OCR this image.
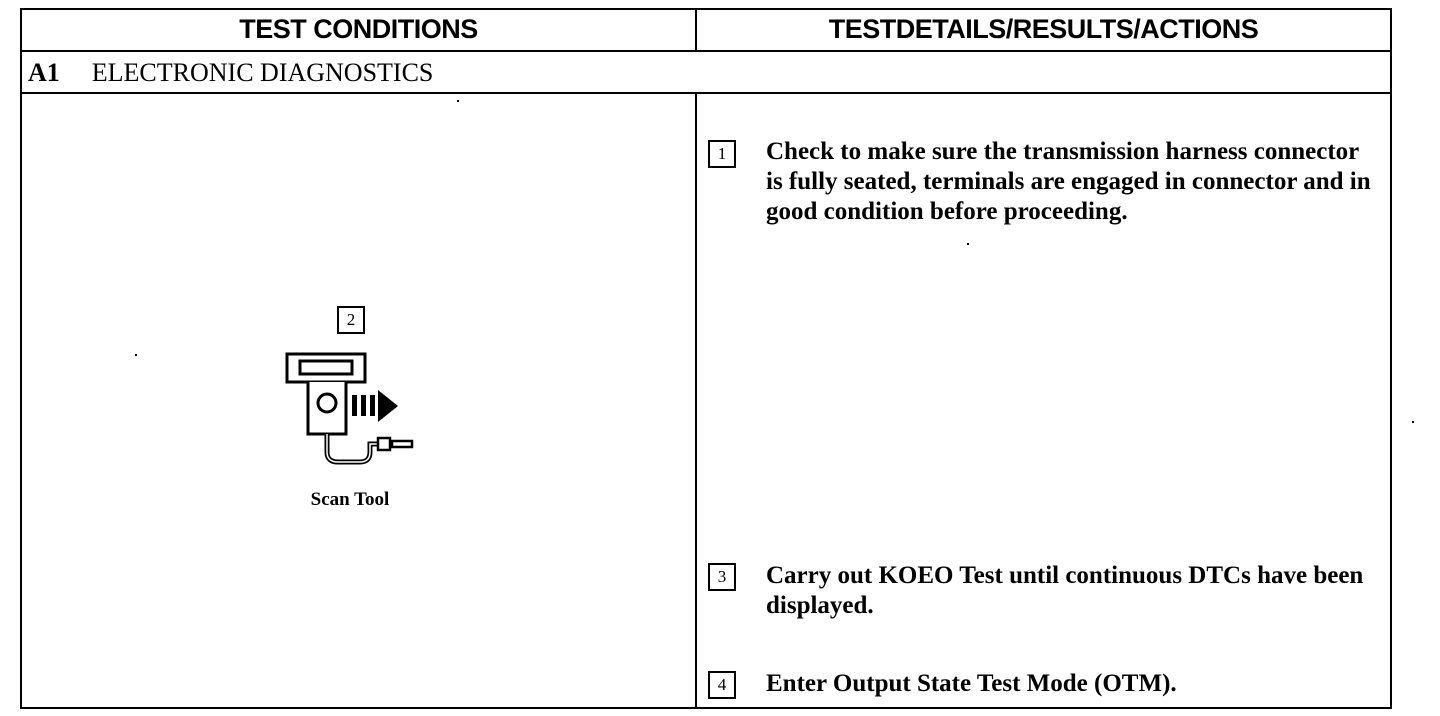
TEST CONDITIONS	TESTDETAILS/RESULTS/ACTIONS
A1 ELECTRONIC DIAGNOSTICS
2
Scan Tool
1	Check to make sure the transmission harness connector is fully seated, terminals are engaged in connector and in good condition before proceeding.
3	Carry out KOEO Test until continuous DTCs have been displayed.
4	Enter Output State Test Mode (OTM).
